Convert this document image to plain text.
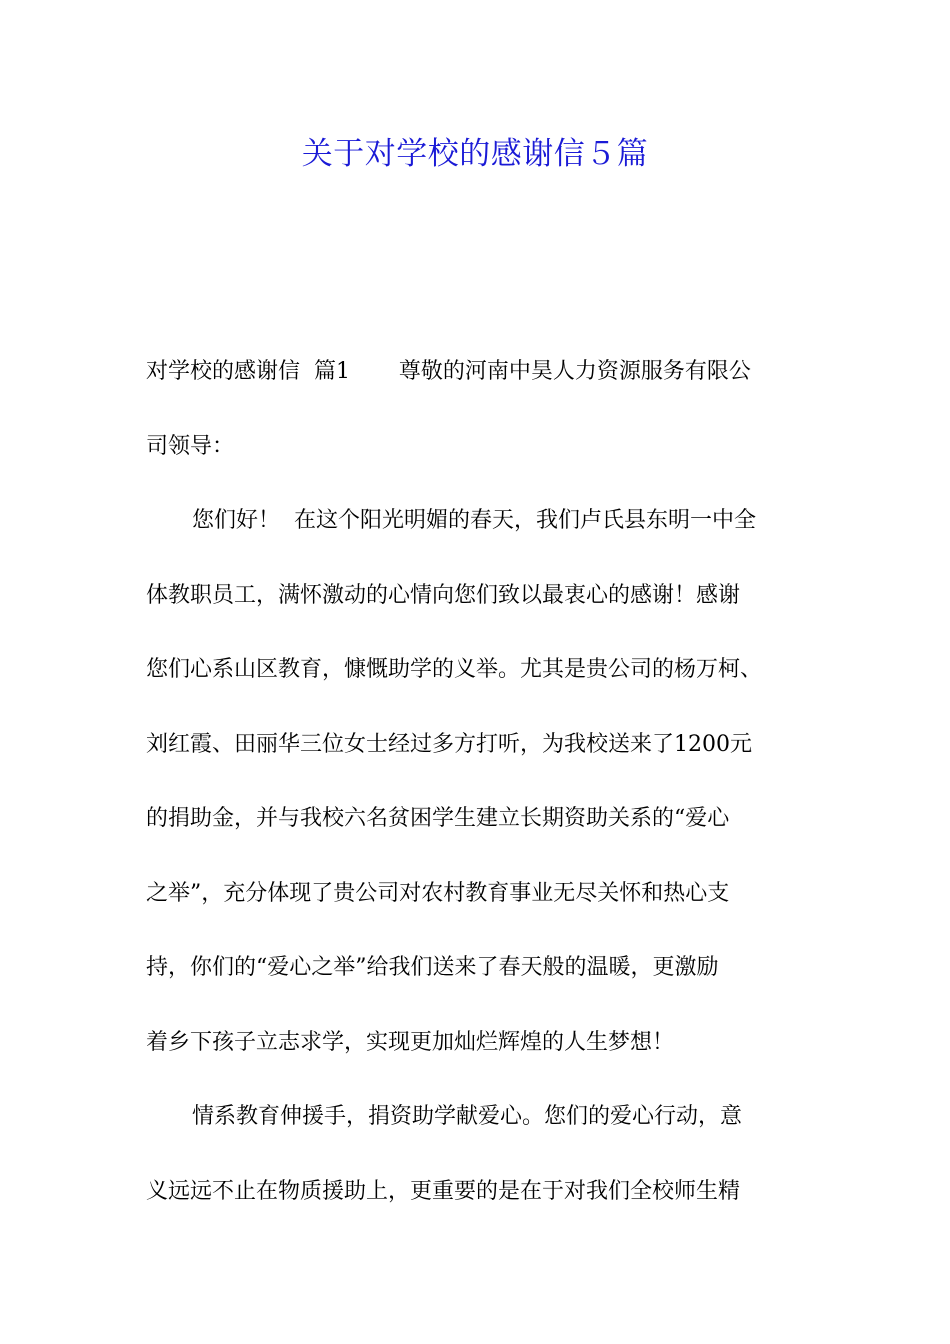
关于对学校的感谢信５篇
对学校的感谢信  篇1       尊敬的河南中昊人力资源服务有限公
司领导：
您们好！  在这个阳光明媚的春天，我们卢氏县东明一中全
体教职员工，满怀激动的心情向您们致以最衷心的感谢！感谢
您们心系山区教育，慷慨助学的义举。尤其是贵公司的杨万柯、
刘红霞、田丽华三位女士经过多方打听，为我校送来了1200元
的捐助金，并与我校六名贫困学生建立长期资助关系的“爱心
之举”，充分体现了贵公司对农村教育事业无尽关怀和热心支
持，你们的“爱心之举”给我们送来了春天般的温暖，更激励
着乡下孩子立志求学，实现更加灿烂辉煌的人生梦想！
情系教育伸援手，捐资助学献爱心。您们的爱心行动，意
义远远不止在物质援助上，更重要的是在于对我们全校师生精
